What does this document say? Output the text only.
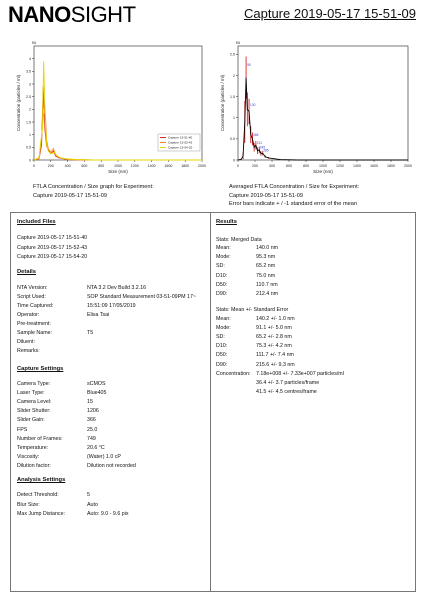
NANOSIGHT	Capture 2019-05-17 15-51-09
0	200	400	600	800	1000 1200 1400 1600 1800 2000
0
0.5
1
1.5
2
2.5
3
3.5
4
E6
Size (nm)
Concentration (particles / ml)
Capture 15-51-40
Capture 15-52-43
Capture 15-54-20
0	200	400	600	800	1000	1200	1400	1600	1800	2000
0
0.5
1
1.5
2
2.5
E6
Size (nm)
Concentration (particles / ml)
95
130
166
211
245
285
FTLA Concentration / Size graph for Experiment:
Capture 2019-05-17 15-51-09
Averaged FTLA Concentration / Size for Experiment:
Capture 2019-05-17 15-51-09
Error bars indicate + / -1 standard error of the mean
Included Files
Capture 2019-05-17 15-51-40
Capture 2019-05-17 15-52-43
Capture 2019-05-17 15-54-20
Details
NTA Version:	NTA 3.2 Dev Build 3.2.16
Script Used:	SOP Standard Measurement 03-51-09PM 17~
Time Captured:	15:51:09 17/05/2019
Operator:	Elisa Tsai
Pre-treatment:
Sample Name:	T5
Diluent:
Remarks:
Capture Settings
Camera Type:	sCMOS
Laser Type:	Blue405
Camera Level:	15
Slider Shutter:	1206
Slider Gain:	366
FPS	25.0
Number of Frames:	749
Temperature:	20.6 °C
Viscosity:	(Water) 1.0 cP
Dilution factor:	Dilution not recorded
Analysis Settings
Detect Threshold:	5
Blur Size:	Auto
Max Jump Distance:	Auto: 9.0 - 9.6 pix
Results
Stats: Merged Data
Mean:	140.0 nm
Mode:	95.3 nm
SD:	65.2 nm
D10:	75.0 nm
D50:	110.7 nm
D90:	212.4 nm
Stats: Mean +/- Standard Error
Mean:	140.2 +/- 1.0 nm
Mode:	91.1 +/- 5.0 nm
SD:	65.2 +/- 2.8 nm
D10:	75.3 +/- 4.2 nm
D50:	111.7 +/- 7.4 nm
D90:	215.6 +/- 9.3 nm
Concentration: 7.18e+008 +/- 7.33e+007 particles/ml
36.4 +/- 3.7 particles/frame
41.5 +/- 4.5 centres/frame
